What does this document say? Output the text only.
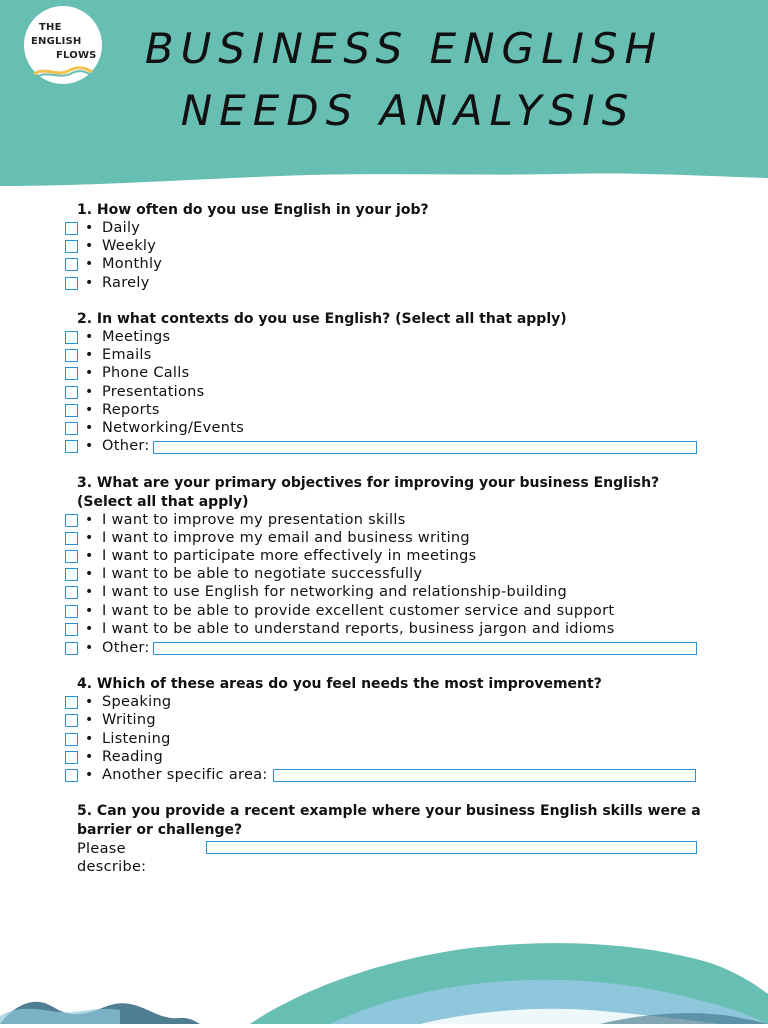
THE
ENGLISH
FLOWS	BUSINESS ENGLISH
NEEDS ANALYSIS
1. How often do you use English in your job?
• Daily
• Weekly
• Monthly
• Rarely
2. In what contexts do you use English? (Select all that apply)
• Meetings
• Emails
• Phone Calls
• Presentations
• Reports
• Networking/Events
• Other:
3. What are your primary objectives for improving your business English? (Select all that apply)
• I want to improve my presentation skills
• I want to improve my email and business writing
• I want to participate more effectively in meetings
• I want to be able to negotiate successfully
• I want to use English for networking and relationship-building
• I want to be able to provide excellent customer service and support
• I want to be able to understand reports, business jargon and idioms
• Other:
4. Which of these areas do you feel needs the most improvement?
• Speaking
• Writing
• Listening
• Reading
• Another specific area:
5. Can you provide a recent example where your business English skills were a barrier or challenge?
Please describe:
